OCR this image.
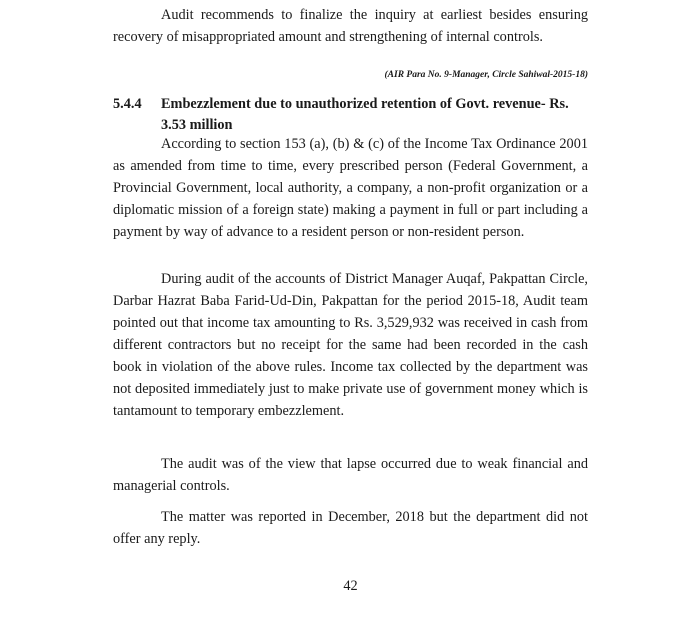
Audit recommends to finalize the inquiry at earliest besides ensuring recovery of misappropriated amount and strengthening of internal controls.

(AIR Para No. 9-Manager, Circle Sahiwal-2015-18)
5.4.4 Embezzlement due to unauthorized retention of Govt. revenue- Rs. 3.53 million

According to section 153 (a), (b) & (c) of the Income Tax Ordinance 2001 as amended from time to time, every prescribed person (Federal Government, a Provincial Government, local authority, a company, a non-profit organization or a diplomatic mission of a foreign state) making a payment in full or part including a payment by way of advance to a resident person or non-resident person.

During audit of the accounts of District Manager Auqaf, Pakpattan Circle, Darbar Hazrat Baba Farid-Ud-Din, Pakpattan for the period 2015-18, Audit team pointed out that income tax amounting to Rs. 3,529,932 was received in cash from different contractors but no receipt for the same had been recorded in the cash book in violation of the above rules. Income tax collected by the department was not deposited immediately just to make private use of government money which is tantamount to temporary embezzlement.

The audit was of the view that lapse occurred due to weak financial and managerial controls.

The matter was reported in December, 2018 but the department did not offer any reply.

42
